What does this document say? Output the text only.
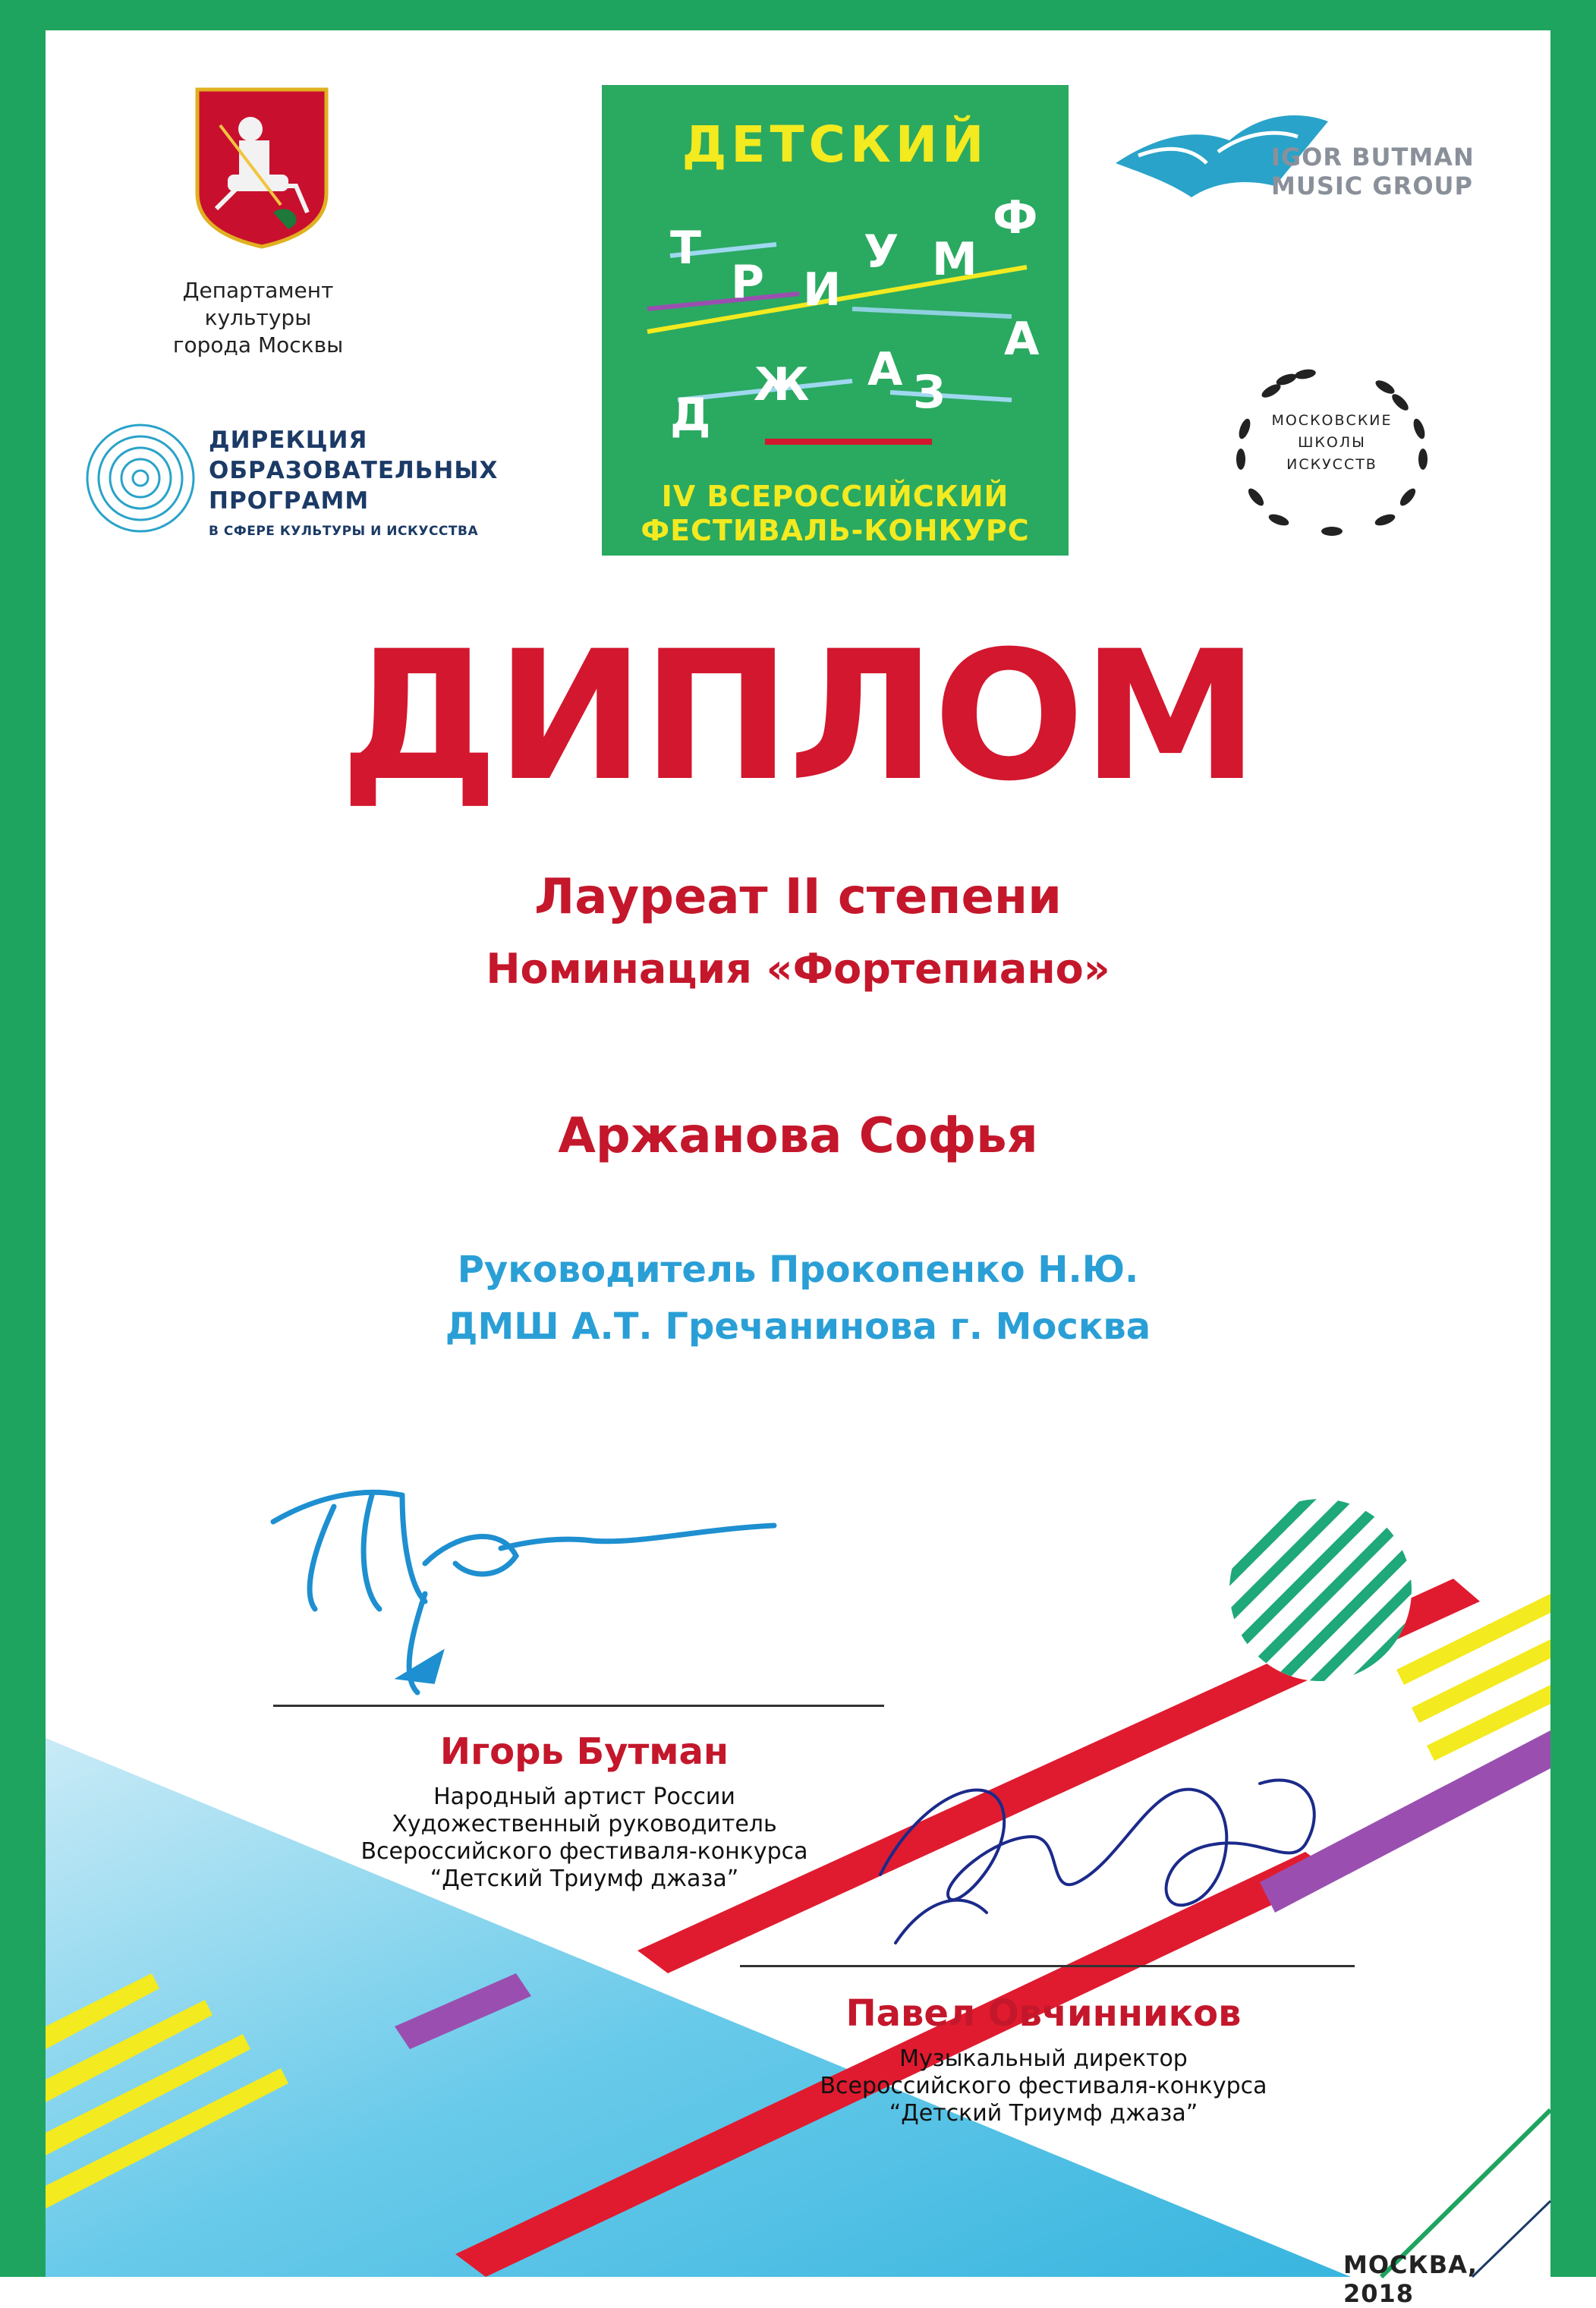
Департамент культуры
города Москвы
ДИРЕКЦИЯ
ОБРАЗОВАТЕЛЬНЫХ
ПРОГРАММ
В СФЕРЕ КУЛЬТУРЫ И ИСКУССТВА
ДЕТСКИЙ
Т
Р И
У М
Ф
Д
Ж А З
А
IV ВСЕРОССИЙСКИЙ
ФЕСТИВАЛЬ-КОНКУРС
IGOR BUTMAN
MUSIC GROUP
МОСКОВСКИЕ
ШКОЛЫ
ИСКУССТВ
ДИПЛОМ
Лауреат II степени
Номинация «Фортепиано»
Аржанова Софья
Руководитель Прокопенко Н.Ю.
ДМШ А.Т. Гречанинова г. Москва
Игорь Бутман
Народный артист России
Художественный руководитель
Всероссийского фестиваля-конкурса
“Детский Триумф джаза”
Павел Овчинников
Музыкальный директор
Всероссийского фестиваля-конкурса
“Детский Триумф джаза”
МОСКВА, 2018
